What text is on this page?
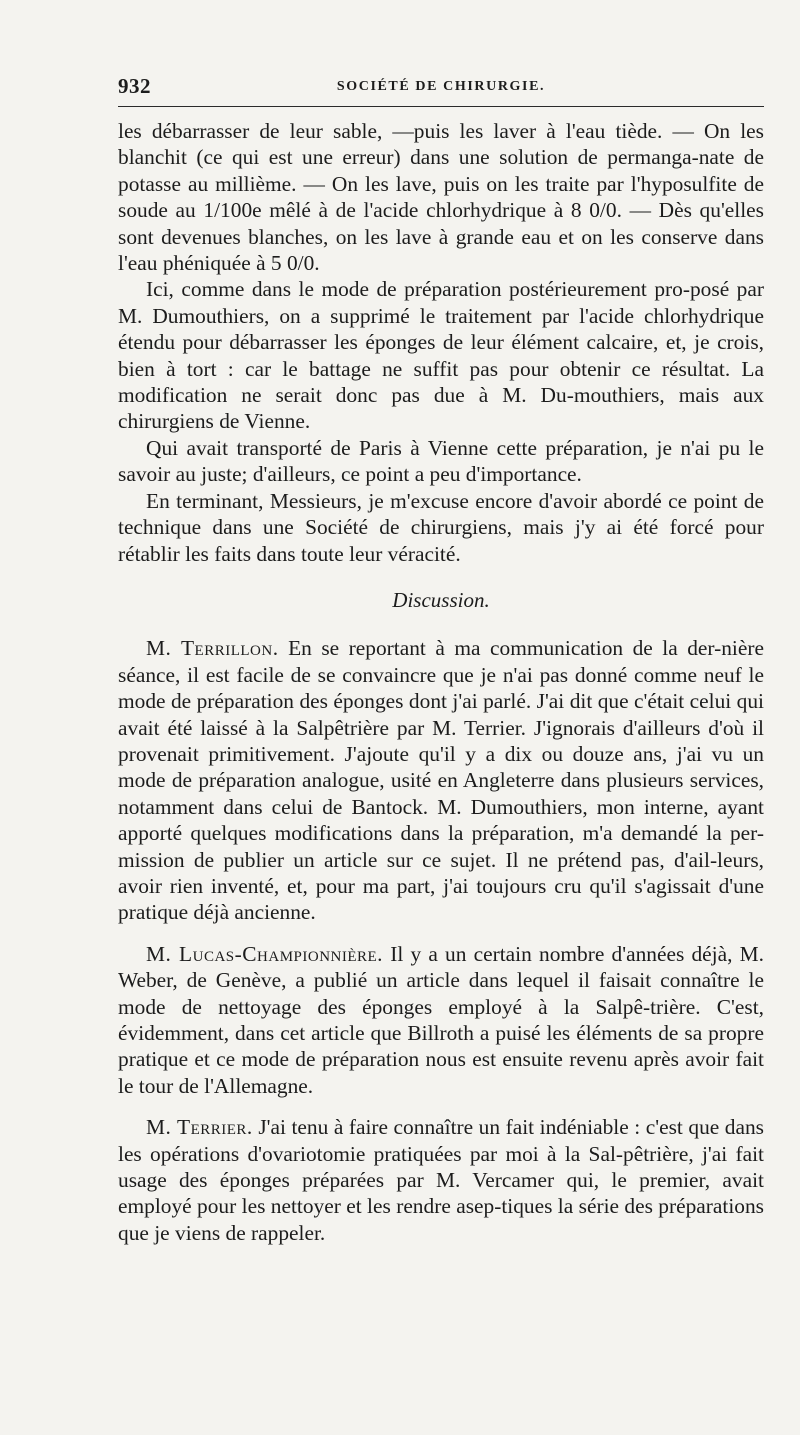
932	SOCIÉTÉ DE CHIRURGIE.

les débarrasser de leur sable, —puis les laver à l'eau tiède. — On les blanchit (ce qui est une erreur) dans une solution de permanga-nate de potasse au millième. — On les lave, puis on les traite par l'hyposulfite de soude au 1/100e mêlé à de l'acide chlorhydrique à 8 0/0. — Dès qu'elles sont devenues blanches, on les lave à grande eau et on les conserve dans l'eau phéniquée à 5 0/0.

Ici, comme dans le mode de préparation postérieurement pro-posé par M. Dumouthiers, on a supprimé le traitement par l'acide chlorhydrique étendu pour débarrasser les éponges de leur élément calcaire, et, je crois, bien à tort : car le battage ne suffit pas pour obtenir ce résultat. La modification ne serait donc pas due à M. Du-mouthiers, mais aux chirurgiens de Vienne.

Qui avait transporté de Paris à Vienne cette préparation, je n'ai pu le savoir au juste; d'ailleurs, ce point a peu d'importance.

En terminant, Messieurs, je m'excuse encore d'avoir abordé ce point de technique dans une Société de chirurgiens, mais j'y ai été forcé pour rétablir les faits dans toute leur véracité.

Discussion.

M. Terrillon. En se reportant à ma communication de la der-nière séance, il est facile de se convaincre que je n'ai pas donné comme neuf le mode de préparation des éponges dont j'ai parlé. J'ai dit que c'était celui qui avait été laissé à la Salpêtrière par M. Terrier. J'ignorais d'ailleurs d'où il provenait primitivement. J'ajoute qu'il y a dix ou douze ans, j'ai vu un mode de préparation analogue, usité en Angleterre dans plusieurs services, notamment dans celui de Bantock. M. Dumouthiers, mon interne, ayant apporté quelques modifications dans la préparation, m'a demandé la per-mission de publier un article sur ce sujet. Il ne prétend pas, d'ail-leurs, avoir rien inventé, et, pour ma part, j'ai toujours cru qu'il s'agissait d'une pratique déjà ancienne.

M. Lucas-Championnière. Il y a un certain nombre d'années déjà, M. Weber, de Genève, a publié un article dans lequel il faisait connaître le mode de nettoyage des éponges employé à la Salpê-trière. C'est, évidemment, dans cet article que Billroth a puisé les éléments de sa propre pratique et ce mode de préparation nous est ensuite revenu après avoir fait le tour de l'Allemagne.

M. Terrier. J'ai tenu à faire connaître un fait indéniable : c'est que dans les opérations d'ovariotomie pratiquées par moi à la Sal-pêtrière, j'ai fait usage des éponges préparées par M. Vercamer qui, le premier, avait employé pour les nettoyer et les rendre asep-tiques la série des préparations que je viens de rappeler.
